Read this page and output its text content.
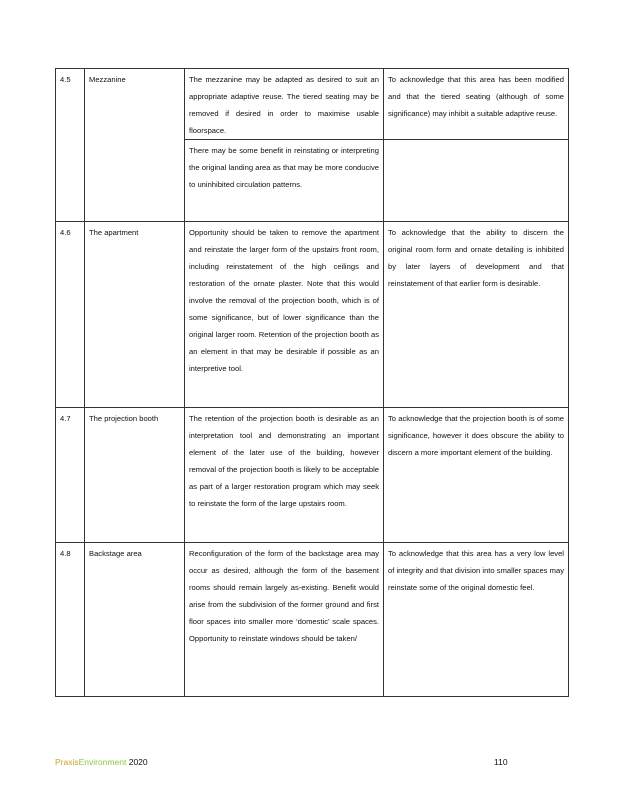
4.5	Mezzanine	The mezzanine may be adapted as desired to suit an appropriate adaptive reuse. The tiered seating may be removed if desired in order to maximise usable floorspace.	To acknowledge that this area has been modified and that the tiered seating (although of some significance) may inhibit a suitable adaptive reuse.
		There may be some benefit in reinstating or interpreting the original landing area as that may be more conducive to uninhibited circulation patterns.	
4.6	The apartment	Opportunity should be taken to remove the apartment and reinstate the larger form of the upstairs front room, including reinstatement of the high ceilings and restoration of the ornate plaster. Note that this would involve the removal of the projection booth, which is of some significance, but of lower significance than the original larger room. Retention of the projection booth as an element in that may be desirable if possible as an interpretive tool.	To acknowledge that the ability to discern the original room form and ornate detailing is inhibited by later layers of development and that reinstatement of that earlier form is desirable.
4.7	The projection booth	The retention of the projection booth is desirable as an interpretation tool and demonstrating an important element of the later use of the building, however removal of the projection booth is likely to be acceptable as part of a larger restoration program which may seek to reinstate the form of the large upstairs room.	To acknowledge that the projection booth is of some significance, however it does obscure the ability to discern a more important element of the building.
4.8	Backstage area	Reconfiguration of the form of the backstage area may occur as desired, although the form of the basement rooms should remain largely as-existing. Benefit would arise from the subdivision of the former ground and first floor spaces into smaller more ‘domestic’ scale spaces. Opportunity to reinstate windows should be taken/	To acknowledge that this area has a very low level of integrity and that division into smaller spaces may reinstate some of the original domestic feel.
PraxisEnvironment 2020	110
